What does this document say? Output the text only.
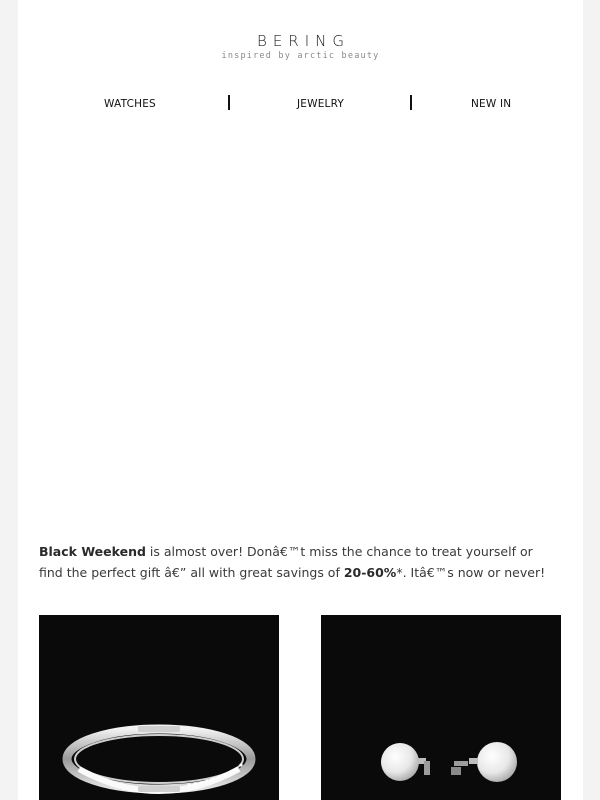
BERING
inspired by arctic beauty
WATCHES	JEWELRY	NEW IN

Black Weekend is almost over! Donâ€™t miss the chance to treat yourself or find the perfect gift â€” all with great savings of 20-60%*. Itâ€™s now or never!
